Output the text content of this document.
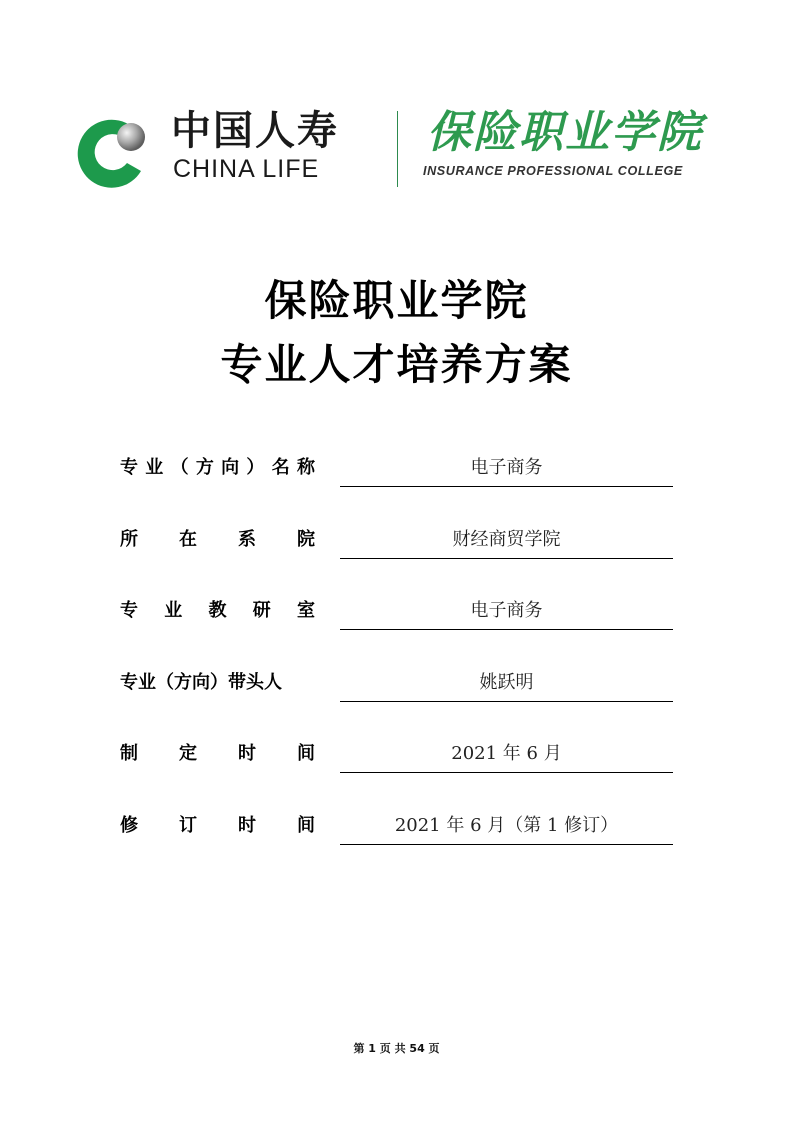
中国人寿
CHINA LIFE
保险职业学院
INSURANCE PROFESSIONAL COLLEGE
保险职业学院
专业人才培养方案
专 业 （ 方 向 ） 名 称	电子商务
所 在 系 院	财经商贸学院
专 业 教 研 室	电子商务
专业（方向）带头人	姚跃明
制 定 时 间	2021 年 6 月
修 订 时 间	2021 年 6 月（第 1 修订）
第 1 页 共 54 页
